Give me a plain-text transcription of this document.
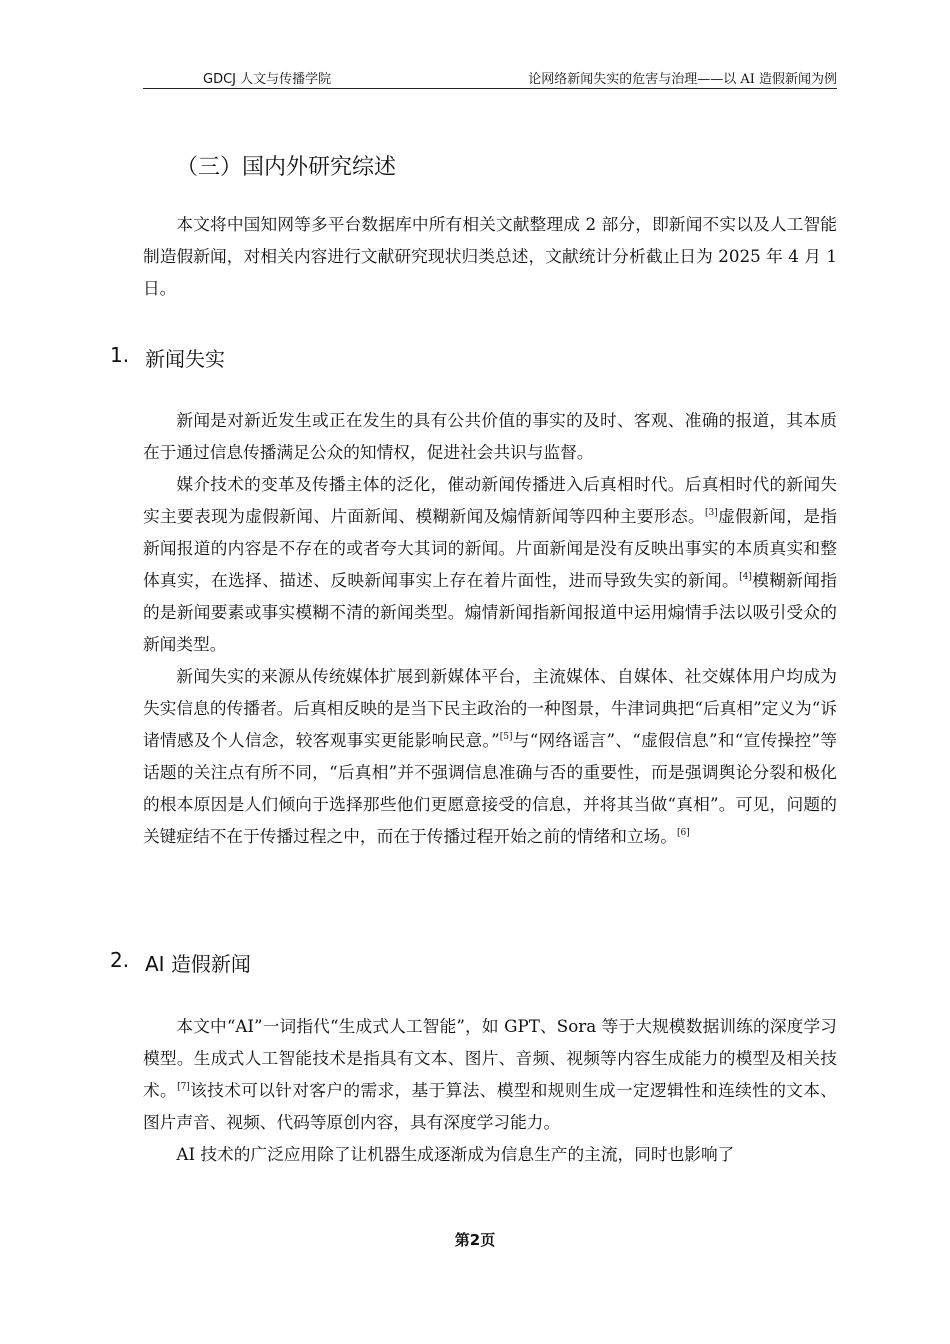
GDCJ 人文与传播学院	论网络新闻失实的危害与治理——以 AI 造假新闻为例
（三）国内外研究综述

本文将中国知网等多平台数据库中所有相关文献整理成 2 部分，即新闻不实以及人工智能制造假新闻，对相关内容进行文献研究现状归类总述，文献统计分析截止日为 2025 年 4 月 1 日。

1. 新闻失实

新闻是对新近发生或正在发生的具有公共价值的事实的及时、客观、准确的报道，其本质在于通过信息传播满足公众的知情权，促进社会共识与监督。

媒介技术的变革及传播主体的泛化，催动新闻传播进入后真相时代。后真相时代的新闻失实主要表现为虚假新闻、片面新闻、模糊新闻及煽情新闻等四种主要形态。[3]虚假新闻，是指新闻报道的内容是不存在的或者夸大其词的新闻。片面新闻是没有反映出事实的本质真实和整体真实，在选择、描述、反映新闻事实上存在着片面性，进而导致失实的新闻。[4]模糊新闻指的是新闻要素或事实模糊不清的新闻类型。煽情新闻指新闻报道中运用煽情手法以吸引受众的新闻类型。

新闻失实的来源从传统媒体扩展到新媒体平台，主流媒体、自媒体、社交媒体用户均成为失实信息的传播者。后真相反映的是当下民主政治的一种图景，牛津词典把“后真相”定义为“诉诸情感及个人信念，较客观事实更能影响民意。”[5]与“网络谣言”、“虚假信息”和“宣传操控”等话题的关注点有所不同，“后真相”并不强调信息准确与否的重要性，而是强调舆论分裂和极化的根本原因是人们倾向于选择那些他们更愿意接受的信息，并将其当做“真相”。可见，问题的关键症结不在于传播过程之中，而在于传播过程开始之前的情绪和立场。[6]

2. AI 造假新闻

本文中“AI”一词指代“生成式人工智能”，如 GPT、Sora 等于大规模数据训练的深度学习模型。生成式人工智能技术是指具有文本、图片、音频、视频等内容生成能力的模型及相关技术。[7]该技术可以针对客户的需求，基于算法、模型和规则生成一定逻辑性和连续性的文本、图片声音、视频、代码等原创内容，具有深度学习能力。

AI 技术的广泛应用除了让机器生成逐渐成为信息生产的主流，同时也影响了

第2页
